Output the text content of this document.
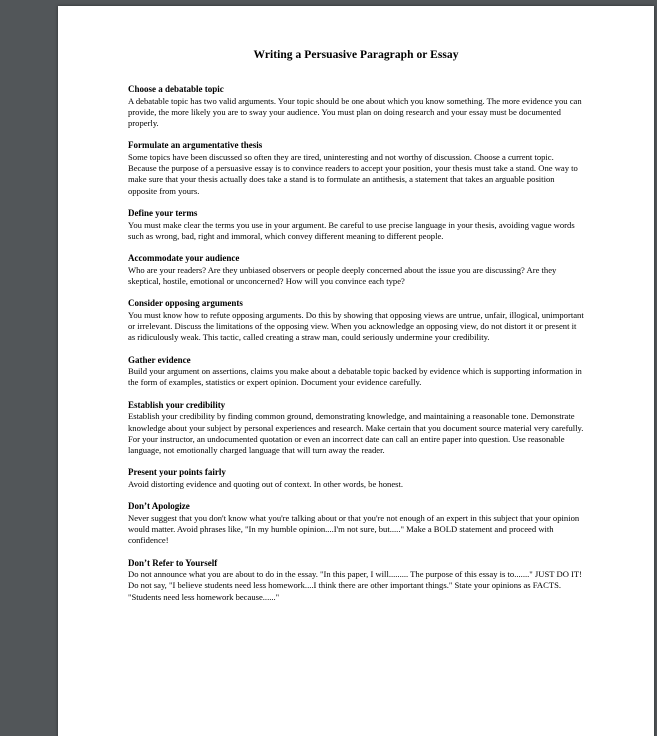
Writing a Persuasive Paragraph or Essay

Choose a debatable topic

A debatable topic has two valid arguments. Your topic should be one about which you know something. The more evidence you can provide, the more likely you are to sway your audience. You must plan on doing research and your essay must be documented properly.

Formulate an argumentative thesis

Some topics have been discussed so often they are tired, uninteresting and not worthy of discussion. Choose a current topic. Because the purpose of a persuasive essay is to convince readers to accept your position, your thesis must take a stand. One way to make sure that your thesis actually does take a stand is to formulate an antithesis, a statement that takes an arguable position opposite from yours.

Define your terms

You must make clear the terms you use in your argument. Be careful to use precise language in your thesis, avoiding vague words such as wrong, bad, right and immoral, which convey different meaning to different people.

Accommodate your audience

Who are your readers? Are they unbiased observers or people deeply concerned about the issue you are discussing? Are they skeptical, hostile, emotional or unconcerned? How will you convince each type?

Consider opposing arguments

You must know how to refute opposing arguments. Do this by showing that opposing views are untrue, unfair, illogical, unimportant or irrelevant. Discuss the limitations of the opposing view. When you acknowledge an opposing view, do not distort it or present it as ridiculously weak. This tactic, called creating a straw man, could seriously undermine your credibility.

Gather evidence

Build your argument on assertions, claims you make about a debatable topic backed by evidence which is supporting information in the form of examples, statistics or expert opinion. Document your evidence carefully.

Establish your credibility

Establish your credibility by finding common ground, demonstrating knowledge, and maintaining a reasonable tone. Demonstrate knowledge about your subject by personal experiences and research. Make certain that you document source material very carefully. For your instructor, an undocumented quotation or even an incorrect date can call an entire paper into question. Use reasonable language, not emotionally charged language that will turn away the reader.

Present your points fairly

Avoid distorting evidence and quoting out of context. In other words, be honest.

Don’t Apologize

Never suggest that you don't know what you're talking about or that you're not enough of an expert in this subject that your opinion would matter. Avoid phrases like, "In my humble opinion....I'm not sure, but....." Make a BOLD statement and proceed with confidence!

Don’t Refer to Yourself

Do not announce what you are about to do in the essay. "In this paper, I will......... The purpose of this essay is to......." JUST DO IT! Do not say, "I believe students need less homework....I think there are other important things." State your opinions as FACTS. "Students need less homework because......"
